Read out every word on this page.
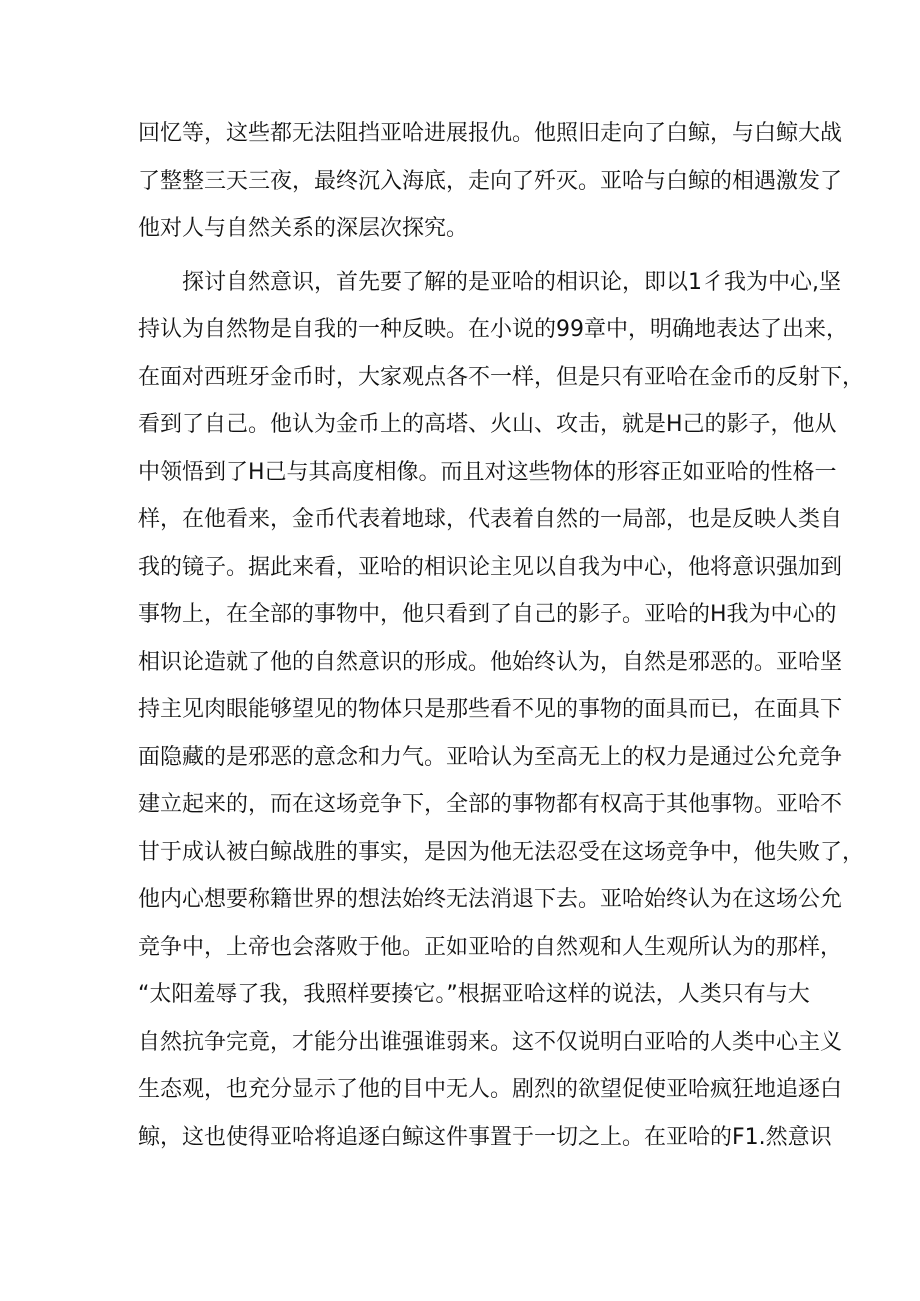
回忆等，这些都无法阻挡亚哈进展报仇。他照旧走向了白鲸，与白鲸大战
了整整三天三夜，最终沉入海底，走向了歼灭。亚哈与白鲸的相遇激发了
他对人与自然关系的深层次探究。
探讨自然意识，首先要了解的是亚哈的相识论，即以1彳我为中心,坚
持认为自然物是自我的一种反映。在小说的99章中，明确地表达了出来，
在面对西班牙金币时，大家观点各不一样，但是只有亚哈在金币的反射下，
看到了自己。他认为金币上的高塔、火山、攻击，就是H己的影子，他从
中领悟到了H己与其高度相像。而且对这些物体的形容正如亚哈的性格一
样，在他看来，金币代表着地球，代表着自然的一局部，也是反映人类自
我的镜子。据此来看，亚哈的相识论主见以自我为中心，他将意识强加到
事物上，在全部的事物中，他只看到了自己的影子。亚哈的H我为中心的
相识论造就了他的自然意识的形成。他始终认为，自然是邪恶的。亚哈坚
持主见肉眼能够望见的物体只是那些看不见的事物的面具而已，在面具下
面隐藏的是邪恶的意念和力气。亚哈认为至高无上的权力是通过公允竞争
建立起来的，而在这场竞争下，全部的事物都有权高于其他事物。亚哈不
甘于成认被白鲸战胜的事实，是因为他无法忍受在这场竞争中，他失败了，
他内心想要称籍世界的想法始终无法消退下去。亚哈始终认为在这场公允
竞争中，上帝也会落败于他。正如亚哈的自然观和人生观所认为的那样，
“太阳羞辱了我，我照样要揍它。”根据亚哈这样的说法，人类只有与大
自然抗争完竟，才能分出谁强谁弱来。这不仅说明白亚哈的人类中心主义
生态观，也充分显示了他的目中无人。剧烈的欲望促使亚哈疯狂地追逐白
鲸，这也使得亚哈将追逐白鲸这件事置于一切之上。在亚哈的F1.然意识
